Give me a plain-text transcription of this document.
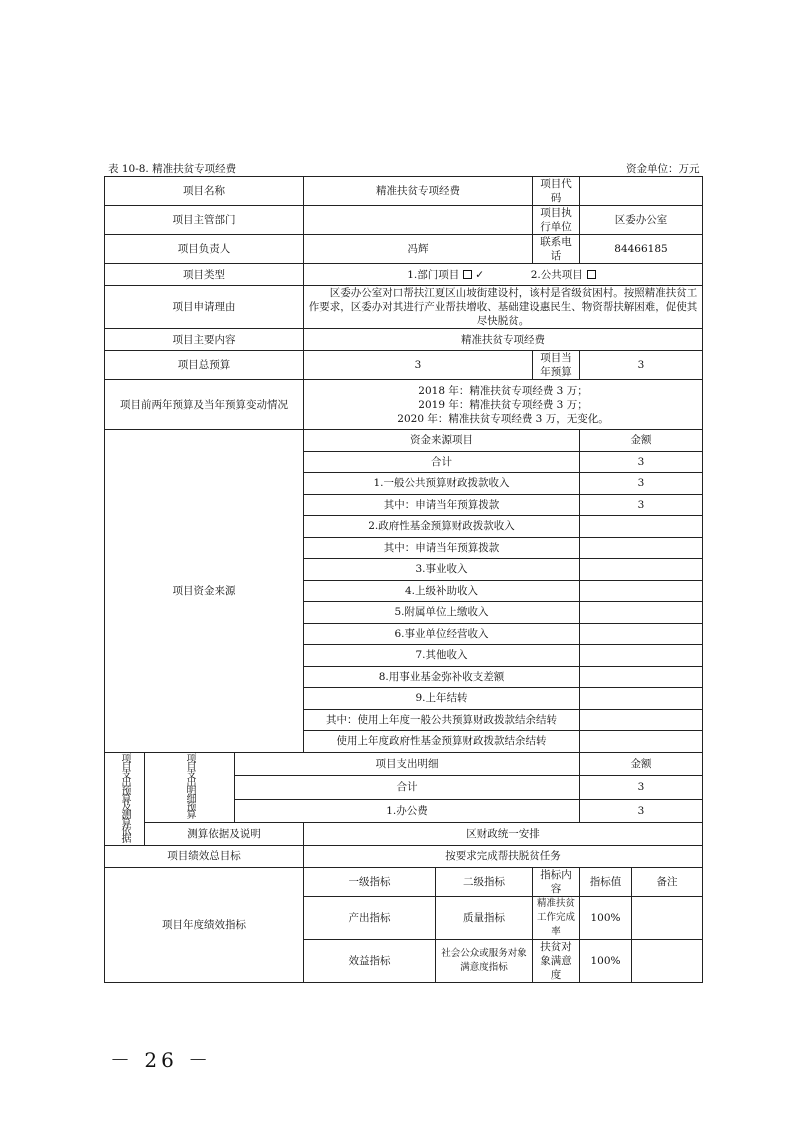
表 10-8. 精准扶贫专项经费	资金单位：万元
项目名称			精准扶贫专项经费		项目代码		
项目主管部门					项目执行单位	区委办公室	
项目负责人			冯辉		联系电话	84466185	
项目类型			1.部门项目 ✓ 2.公共项目				
项目申请理由			区委办公室对口帮扶江夏区山坡街建设村，该村是省级贫困村。按照精准扶贫工作要求，区委办对其进行产业帮扶增收、基础建设惠民生、物资帮扶解困难，促使其尽快脱贫。				
项目主要内容			精准扶贫专项经费				
项目总预算			3		项目当年预算	3	
项目前两年预算及当年预算变动情况			2018 年：精准扶贫专项经费 3 万；
2019 年：精准扶贫专项经费 3 万；
2020 年：精准扶贫专项经费 3 万，无变化。				

项目资金来源			资金来源项目			金额	
			合计			3	
			1.一般公共预算财政拨款收入			3	
			其中：申请当年预算拨款			3	
			2.政府性基金预算财政拨款收入				
			其中：申请当年预算拨款				
			3.事业收入				
			4.上级补助收入				
			5.附属单位上缴收入				
			6.事业单位经营收入				
			7.其他收入				
			8.用事业基金弥补收支差额				
			9.上年结转				
			其中：使用上年度一般公共预算财政拨款结余结转				
			使用上年度政府性基金预算财政拨款结余结转				
项目支出预算及测算依据	项目支出明细预算	项目支出明细				金额	
		合计				3	
		1.办公费				3	
	测算依据及说明		区财政统一安排				
项目绩效总目标			按要求完成帮扶脱贫任务				
项目年度绩效指标			一级指标	二级指标	指标内容	指标值	备注
			产出指标	质量指标	精准扶贫工作完成率	100%	
			效益指标	社会公众或服务对象满意度指标	扶贫对象满意度	100%	
－ 26 －
